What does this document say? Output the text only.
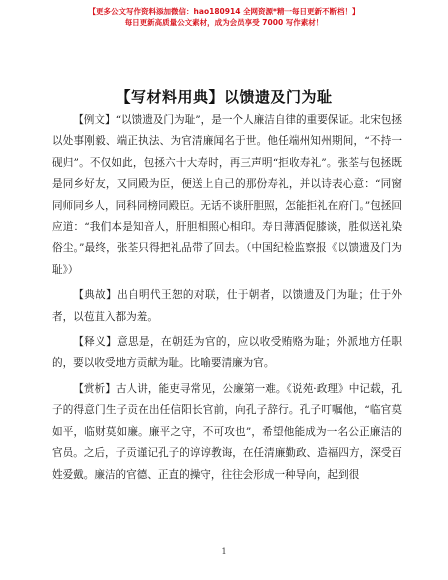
【更多公文写作资料添加微信：hao180914 全网资源*精一每日更新不断档！】
每日更新高质量公文素材，成为会员享受 7000 写作素材！
【写材料用典】以馈遗及门为耻

【例文】“以馈遗及门为耻”，是一个人廉洁自律的重要保证。北宋包拯以处事刚毅、端正执法、为官清廉闻名于世。他任端州知州期间，“不持一砚归”。不仅如此，包拯六十大寿时，再三声明“拒收寿礼”。张荃与包拯既是同乡好友，又同殿为臣，便送上自己的那份寿礼，并以诗表心意：“同窗同师同乡人，同科同榜同殿臣。无话不谈肝胆照，怎能拒礼在府门。”包拯回应道：“我们本是知音人，肝胆相照心相印。寿日薄酒促膝谈，胜似送礼染俗尘。”最终，张荃只得把礼品带了回去。（中国纪检监察报《以馈遗及门为耻》）

【典故】出自明代王恕的对联，仕于朝者，以馈遗及门为耻；仕于外者，以苞苴入都为羞。

【释义】意思是，在朝廷为官的，应以收受贿赂为耻；外派地方任职的，要以收受地方贡献为耻。比喻要清廉为官。

【赏析】古人讲，能吏寻常见，公廉第一难。《说苑·政理》中记载，孔子的得意门生子贡在出任信阳长官前，向孔子辞行。孔子叮嘱他，“临官莫如平，临财莫如廉。廉平之守，不可攻也”，希望他能成为一名公正廉洁的官员。之后，子贡谨记孔子的谆谆教诲，在任清廉勤政、造福四方，深受百姓爱戴。廉洁的官德、正直的操守，往往会形成一种导向，起到很

1
